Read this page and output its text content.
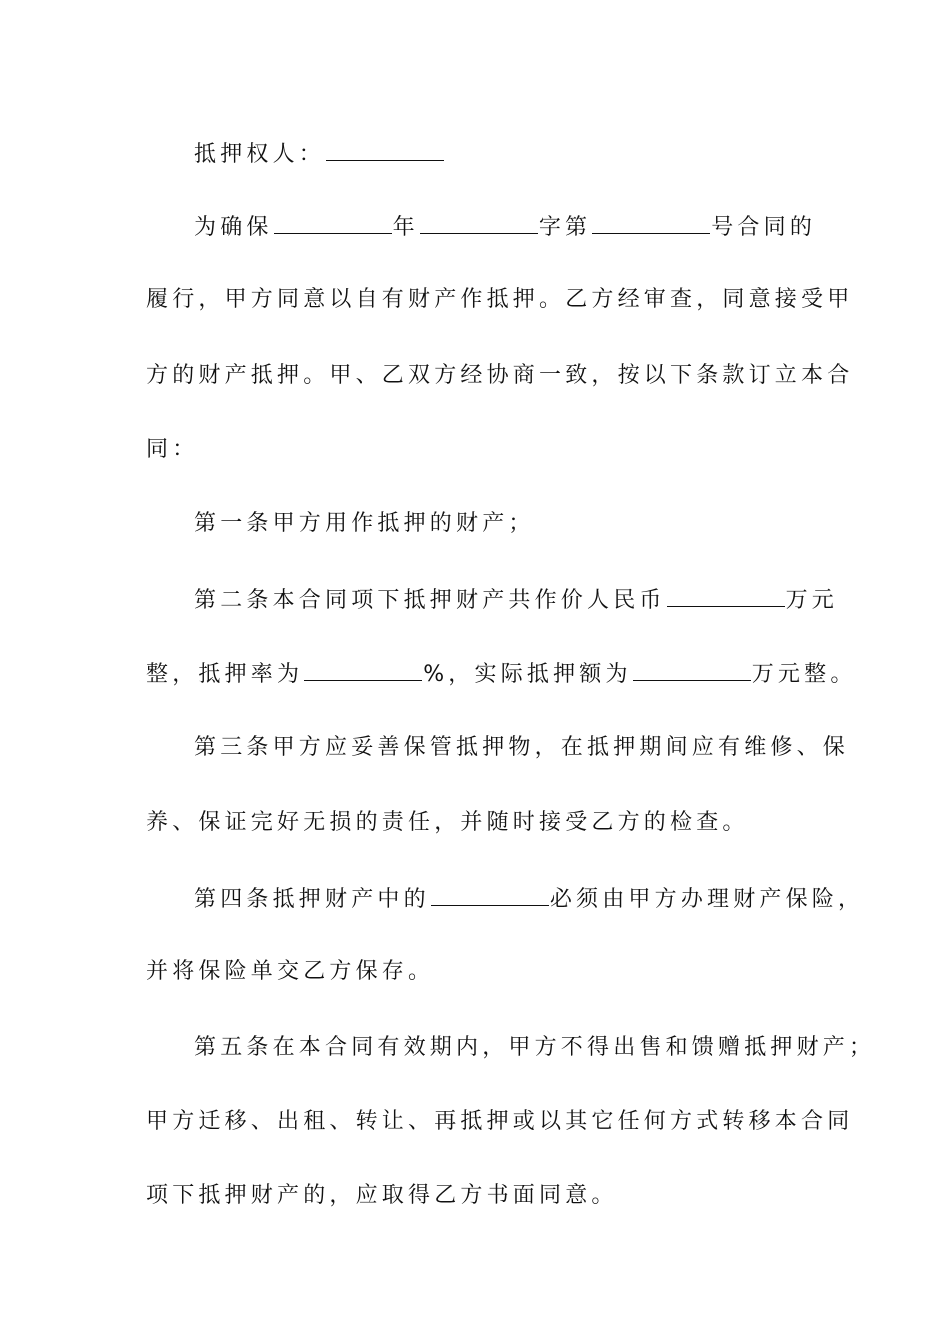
抵押权人：
为确保	年	字第	号合同的
履行，甲方同意以自有财产作抵押。乙方经审查，同意接受甲
方的财产抵押。甲、乙双方经协商一致，按以下条款订立本合
同：
第一条甲方用作抵押的财产；
第二条本合同项下抵押财产共作价人民币	万元
整，抵押率为	%，实际抵押额为	万元整。
第三条甲方应妥善保管抵押物，在抵押期间应有维修、保
养、保证完好无损的责任，并随时接受乙方的检查。
第四条抵押财产中的	必须由甲方办理财产保险，
并将保险单交乙方保存。
第五条在本合同有效期内，甲方不得出售和馈赠抵押财产；
甲方迁移、出租、转让、再抵押或以其它任何方式转移本合同
项下抵押财产的，应取得乙方书面同意。
